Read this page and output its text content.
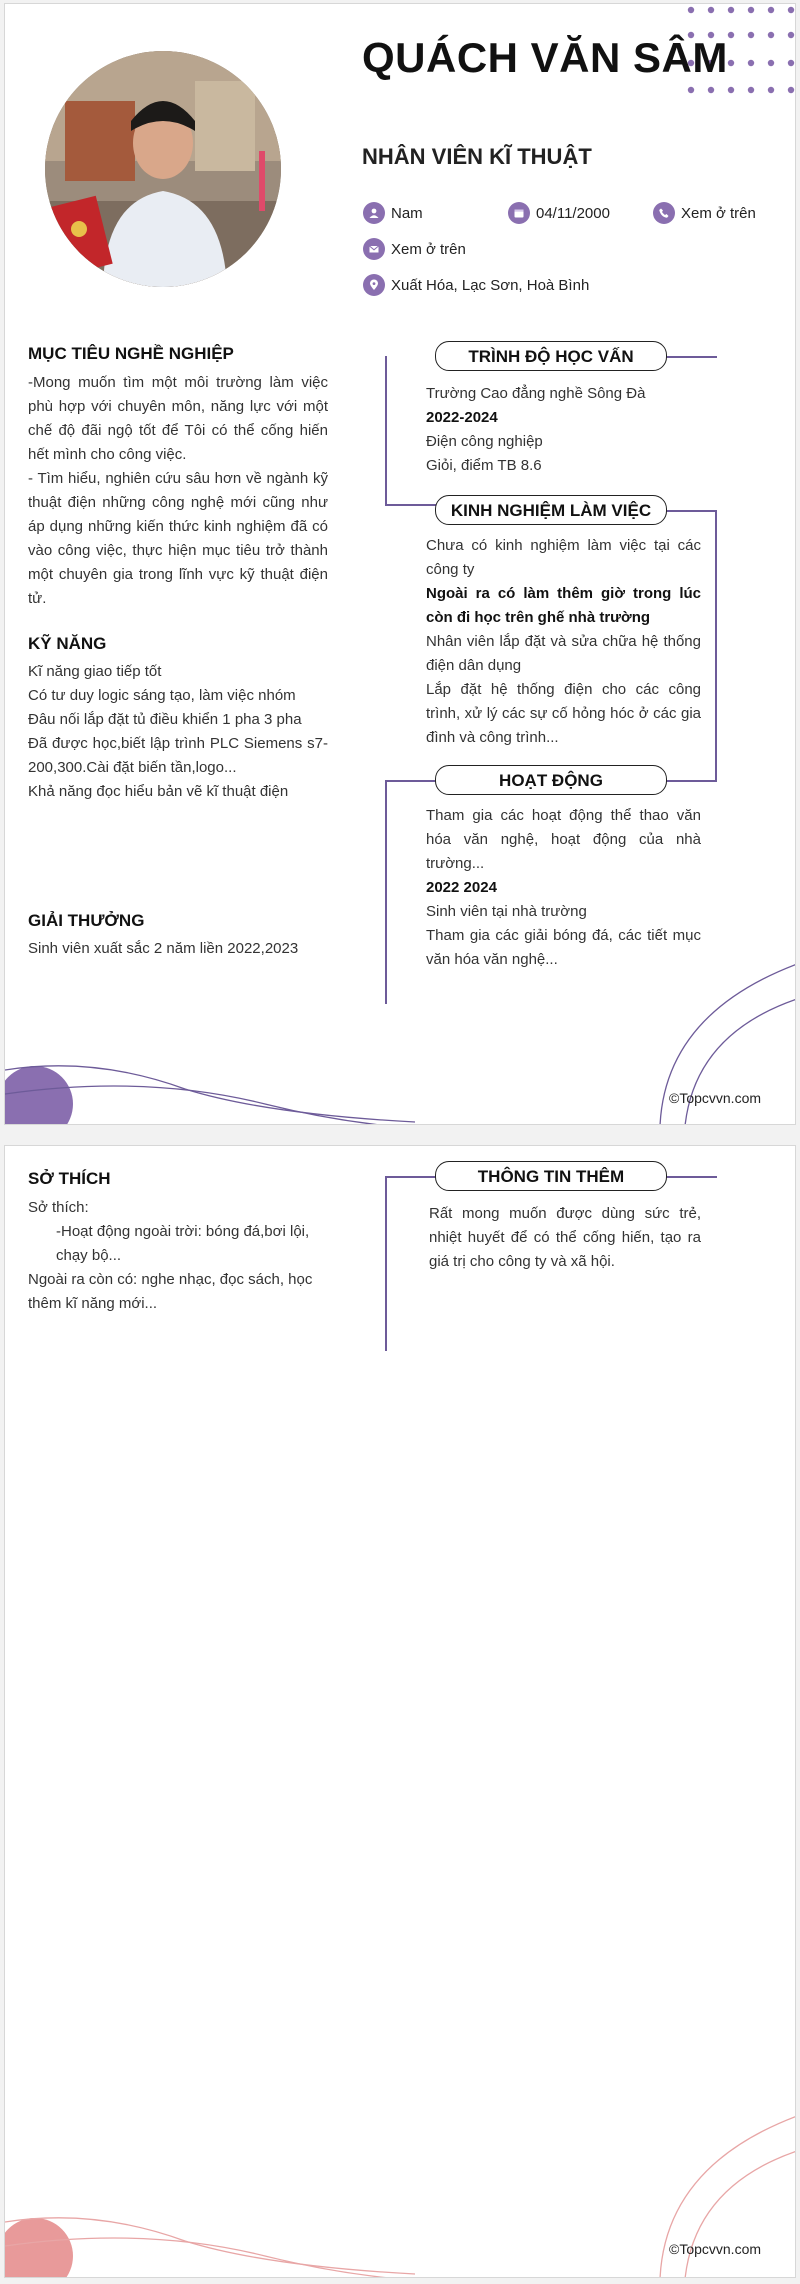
QUÁCH VĂN SÂM
NHÂN VIÊN KĨ THUẬT
Nam	04/11/2000	Xem ở trên
Xem ở trên
Xuất Hóa, Lạc Sơn, Hoà Bình
MỤC TIÊU NGHỀ NGHIỆP

-Mong muốn tìm một môi trường làm việc phù hợp với chuyên môn, năng lực với một chế độ đãi ngộ tốt để Tôi có thể cống hiến hết mình cho công việc.

- Tìm hiểu, nghiên cứu sâu hơn về ngành kỹ thuật điện những công nghệ mới cũng như áp dụng những kiến thức kinh nghiệm đã có vào công việc, thực hiện mục tiêu trở thành một chuyên gia trong lĩnh vực kỹ thuật điện tử.

KỸ NĂNG

Kĩ năng giao tiếp tốt

Có tư duy logic sáng tạo, làm việc nhóm

Đâu nối lắp đặt tủ điều khiển 1 pha 3 pha

Đã được học,biết lập trình PLC Siemens s7-200,300.Cài đặt biến tần,logo...

Khả năng đọc hiểu bản vẽ kĩ thuật điện

GIẢI THƯỞNG

Sinh viên xuất sắc 2 năm liền 2022,2023

TRÌNH ĐỘ HỌC VẤN

Trường Cao đẳng nghề Sông Đà

2022-2024

Điện công nghiệp

Giỏi, điểm TB 8.6

KINH NGHIỆM LÀM VIỆC

Chưa có kinh nghiệm làm việc tại các công ty

Ngoài ra có làm thêm giờ trong lúc còn đi học trên ghế nhà trường

Nhân viên lắp đặt và sửa chữa hệ thống điện dân dụng

Lắp đặt hệ thống điện cho các công trình, xử lý các sự cố hỏng hóc ở các gia đình và công trình...

HOẠT ĐỘNG

Tham gia các hoạt động thể thao văn hóa văn nghệ, hoạt động của nhà trường...

2022 2024

Sinh viên tại nhà trường

Tham gia các giải bóng đá, các tiết mục văn hóa văn nghệ...

©Topcvvn.com
SỞ THÍCH

Sở thích:

-Hoạt động ngoài trời: bóng đá,bơi lội, chạy bộ...

Ngoài ra còn có: nghe nhạc, đọc sách, học thêm kĩ năng mới...

THÔNG TIN THÊM
Rất mong muốn được dùng sức trẻ, nhiệt huyết để có thể cống hiến, tạo ra giá trị cho công ty và xã hội.
©Topcvvn.com
